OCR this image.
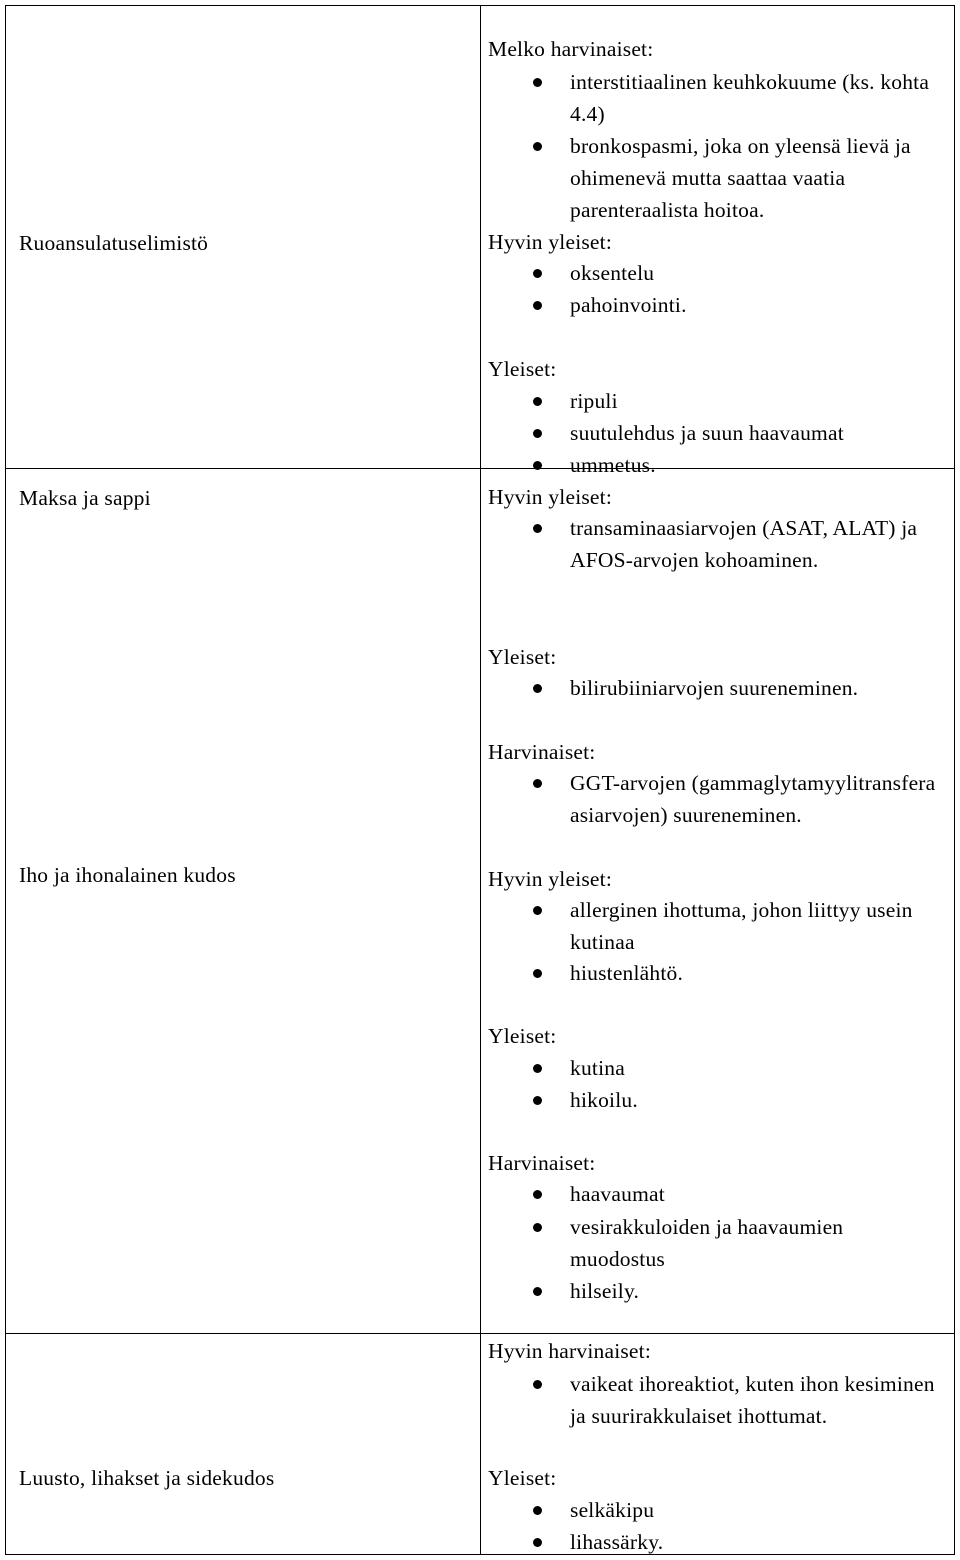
Ruoansulatuselimistö
Maksa ja sappi
Iho ja ihonalainen kudos
Luusto, lihakset ja sidekudos
Melko harvinaiset:
interstitiaalinen keuhkokuume (ks. kohta 4.4)
bronkospasmi, joka on yleensä lievä ja ohimenevä mutta saattaa vaatia parenteraalista hoitoa.
Hyvin yleiset:
oksentelu
pahoinvointi.
Yleiset:
ripuli
suutulehdus ja suun haavaumat
ummetus.
Hyvin yleiset:
transaminaasiarvojen (ASAT, ALAT) ja AFOS-arvojen kohoaminen.
Yleiset:
bilirubiiniarvojen suureneminen.
Harvinaiset:
GGT-arvojen (gammaglytamyylitransferaasiarvojen) suureneminen.
Hyvin yleiset:
allerginen ihottuma, johon liittyy usein kutinaa
hiustenlähtö.
Yleiset:
kutina
hikoilu.
Harvinaiset:
haavaumat
vesirakkuloiden ja haavaumien muodostus
hilseily.
Hyvin harvinaiset:
vaikeat ihoreaktiot, kuten ihon kesiminen ja suurirakkulaiset ihottumat.
Yleiset:
selkäkipu
lihassärky.
